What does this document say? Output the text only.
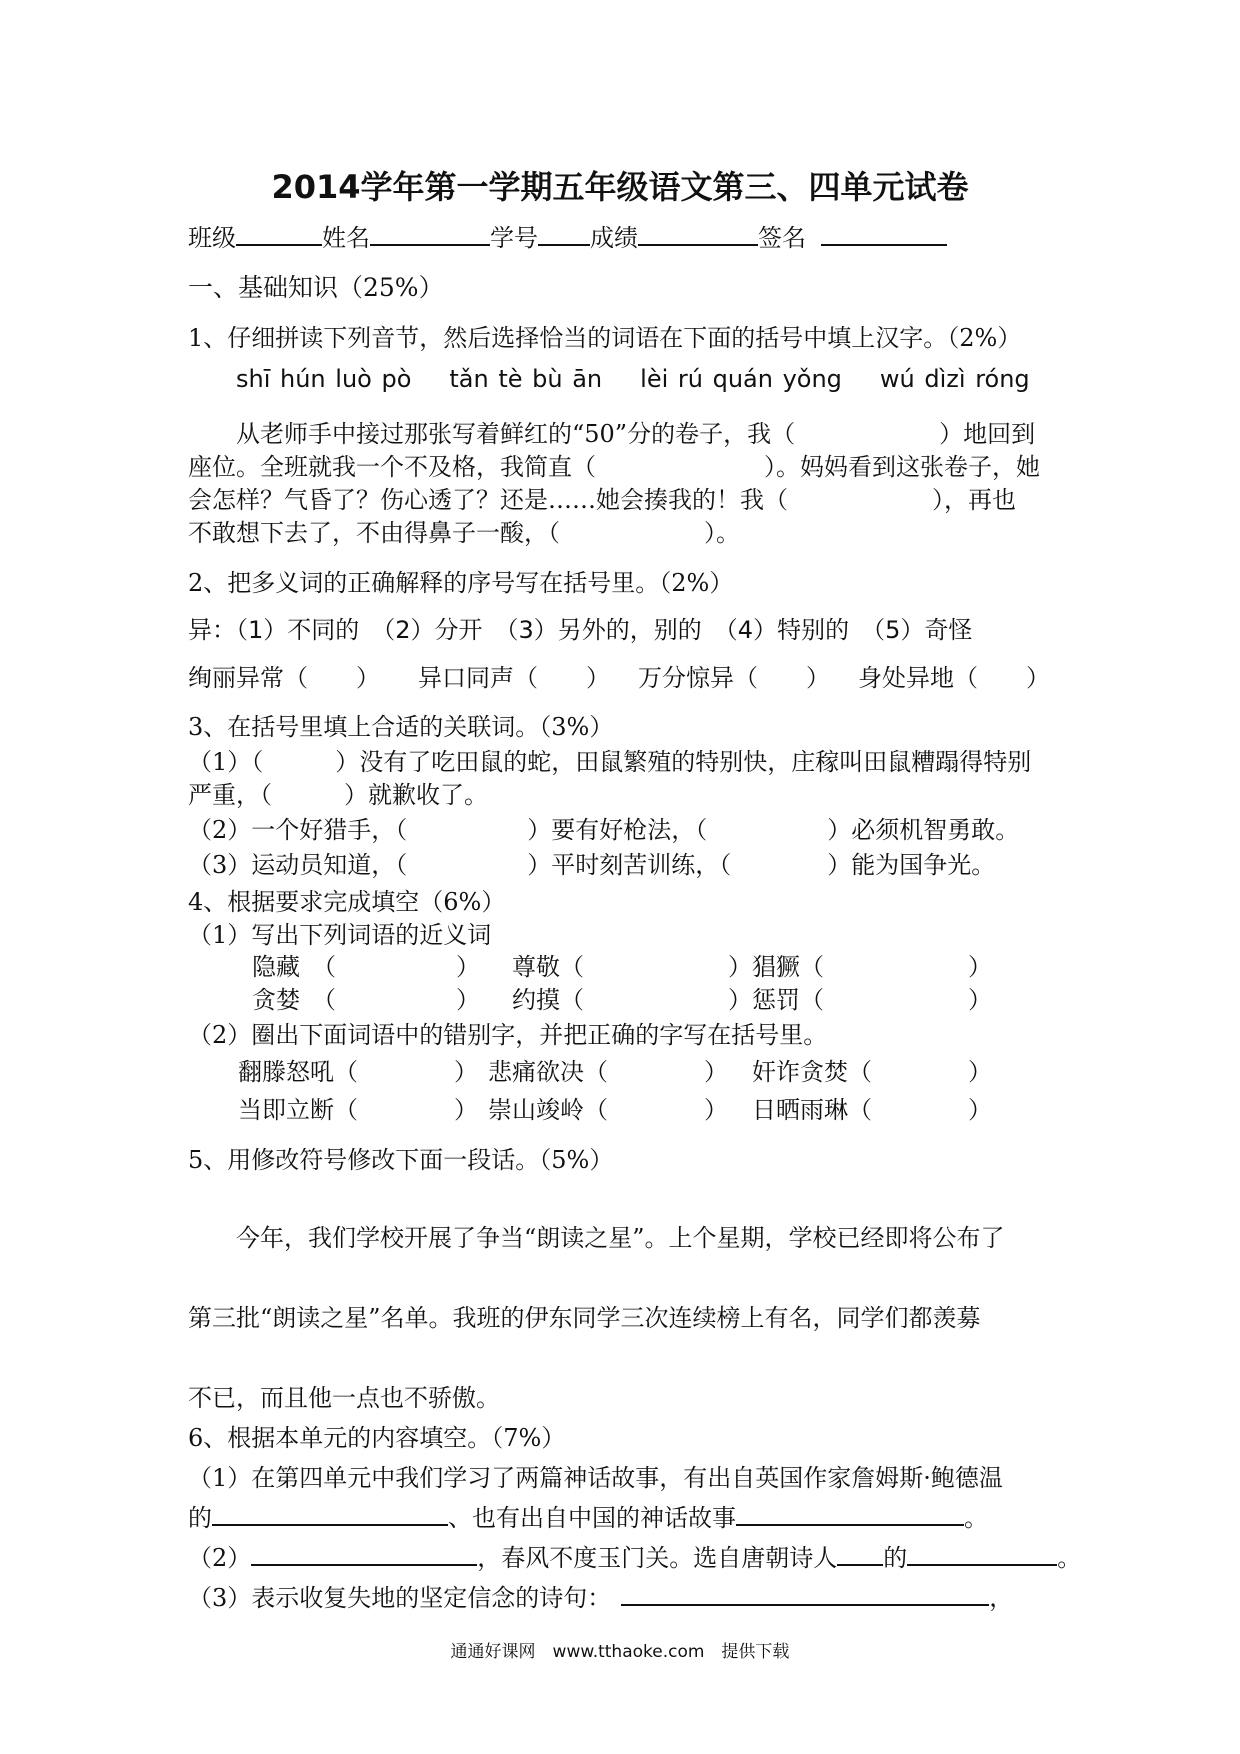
2014学年第一学期五年级语文第三、四单元试卷
班级	姓名	学号 成绩	签名
一、基础知识（25%）
1、仔细拼读下列音节，然后选择恰当的词语在下面的括号中填上汉字。（2%）
shī hún luò pò tǎn tè bù ān lèi rú quán yǒng wú dìzì róng
从老师手中接过那张写着鲜红的“50”分的卷子，我（　　　　　　）地回到
座位。全班就我一个不及格，我简直（　　　　　　　）。妈妈看到这张卷子，她
会怎样？气昏了？伤心透了？还是……她会揍我的！我（　　　　　　），再也
不敢想下去了，不由得鼻子一酸，（　　　　　　）。
2、把多义词的正确解释的序号写在括号里。（2%）
异：（1）不同的　（2）分开　（3）另外的，别的　（4）特别的　（5）奇怪
绚丽异常（　　） 异口同声（　　） 万分惊异（　　） 身处异地（　　）
3、在括号里填上合适的关联词。（3%）
（1）（　　　）没有了吃田鼠的蛇，田鼠繁殖的特别快，庄稼叫田鼠糟蹋得特别
严重，（　　　）就歉收了。
（2）一个好猎手，（　　　　　）要有好枪法，（　　　　　）必须机智勇敢。
（3）运动员知道，（　　　　　）平时刻苦训练，（　　　　）能为国争光。
4、根据要求完成填空（6%）
（1）写出下列词语的近义词
隐藏　（　　　　　） 尊敬（　　　　　　） 猖獗（　　　　　　）
贪婪　（　　　　　） 约摸（　　　　　　） 惩罚（　　　　　　）
（2）圈出下面词语中的错别字，并把正确的字写在括号里。
翻滕怒吼（　　　　） 悲痛欲决（　　　　） 奸诈贪焚（　　　　）
当即立断（　　　　） 崇山竣岭（　　　　） 日晒雨琳（　　　　）
5、用修改符号修改下面一段话。（5%）
今年，我们学校开展了争当“朗读之星”。上个星期，学校已经即将公布了
第三批“朗读之星”名单。我班的伊东同学三次连续榜上有名，同学们都羡募
不已，而且他一点也不骄傲。
6、根据本单元的内容填空。（7%）
（1）在第四单元中我们学习了两篇神话故事，有出自英国作家詹姆斯·鲍德温
的	、也有出自中国的神话故事	。
（2）	，春风不度玉门关。选自唐朝诗人 的	。
（3）表示收复失地的坚定信念的诗句：	，
通通好课网　www.tthaoke.com　提供下载
